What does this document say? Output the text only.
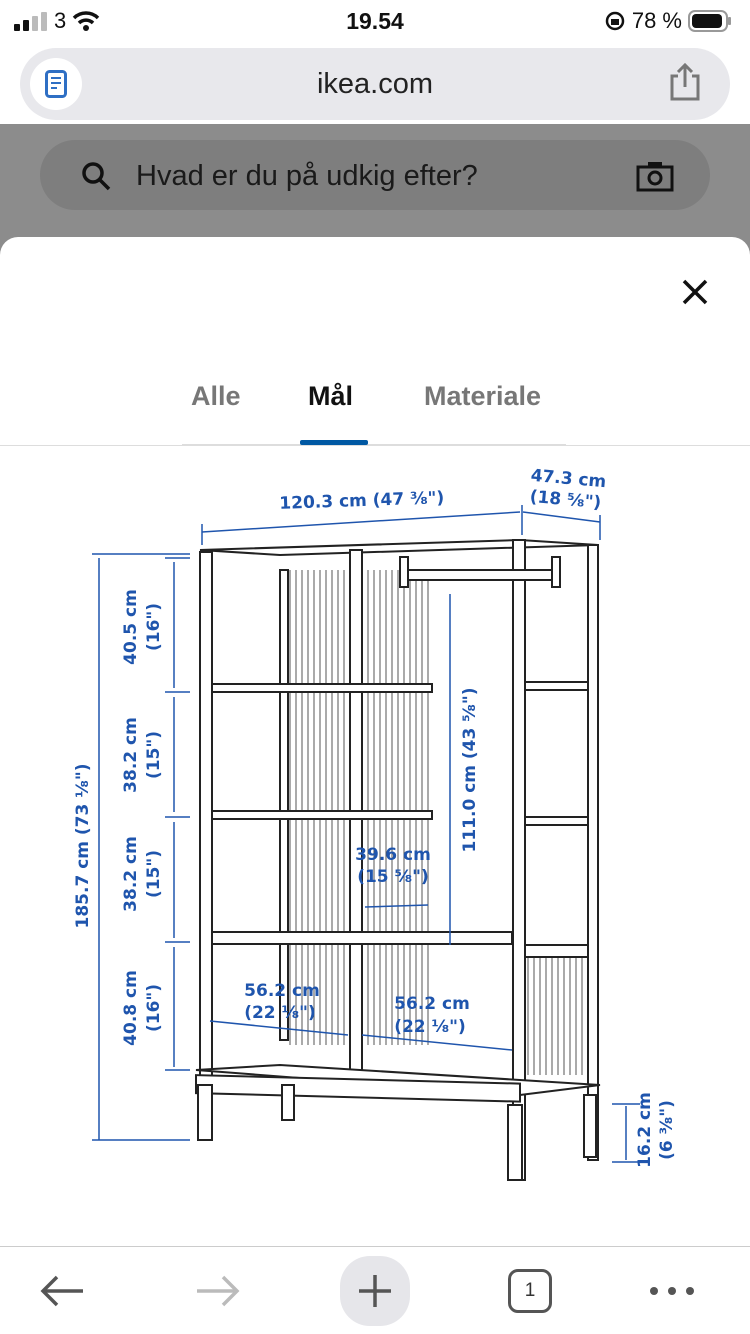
3	19.54	78 %
ikea.com
Hvad er du på udkig efter?
Alle Mål	Materiale
120.3 cm (47 ⅜")
47.3 cm
(18 ⅝")
185.7 cm (73 ⅛")
40.5 cm (16")
38.2 cm (15")
38.2 cm (15")
40.8 cm (16")
111.0 cm (43 ⅝")
39.6 cm
(15 ⅝")
56.2 cm
(22 ⅛")	56.2 cm
(22 ⅛")
16.2 cm (6 ⅜")
1
